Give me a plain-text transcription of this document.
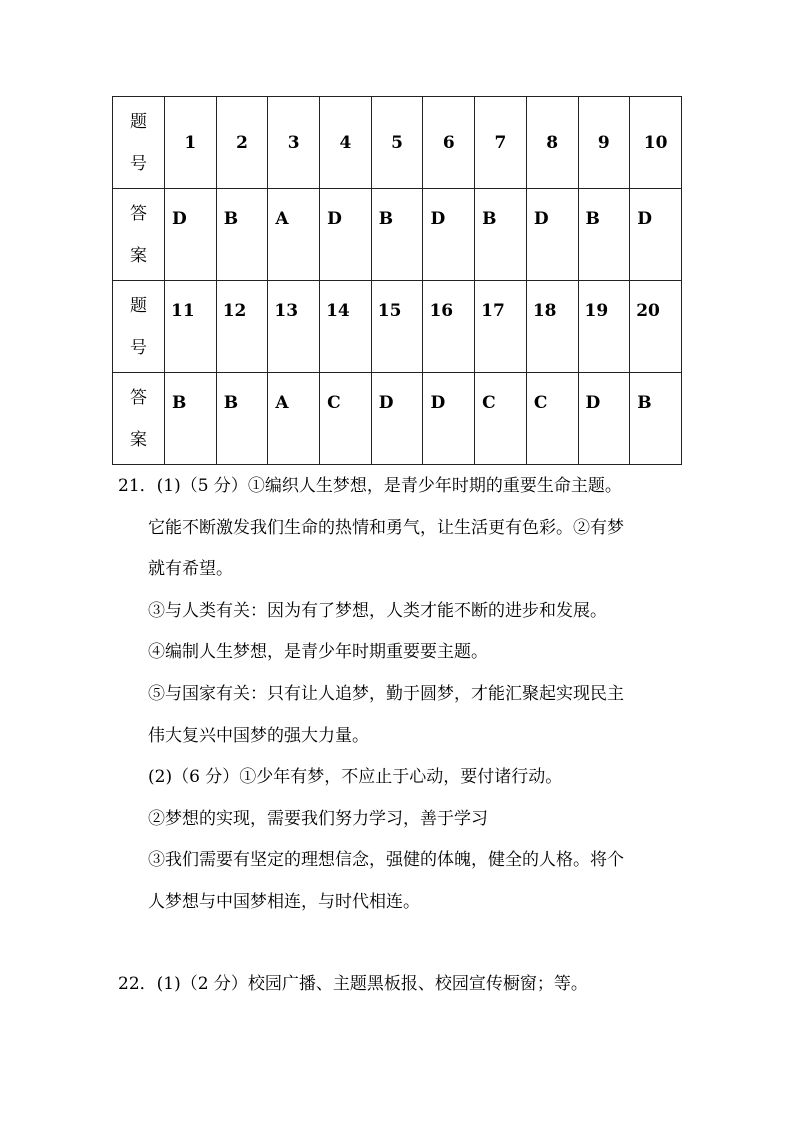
题
号	1	2	3	4	5	6	7	8	9	10

答
案	D	B	A	D	B	D	B	D	B	D

题
号	11	12	13	14	15	16	17	18	19	20

答
案	B	B	A	C	D	D	C	C	D	B
21．(1)（5 分）①编织人生梦想，是青少年时期的重要生命主题。
它能不断激发我们生命的热情和勇气，让生活更有色彩。②有梦
就有希望。
③与人类有关：因为有了梦想，人类才能不断的进步和发展。
④编制人生梦想，是青少年时期重要要主题。
⑤与国家有关：只有让人追梦，勤于圆梦，才能汇聚起实现民主
伟大复兴中国梦的强大力量。
(2)（6 分）①少年有梦，不应止于心动，要付诸行动。
②梦想的实现，需要我们努力学习，善于学习
③我们需要有坚定的理想信念，强健的体魄，健全的人格。将个
人梦想与中国梦相连，与时代相连。
22．(1)（2 分）校园广播、主题黑板报、校园宣传橱窗；等。
